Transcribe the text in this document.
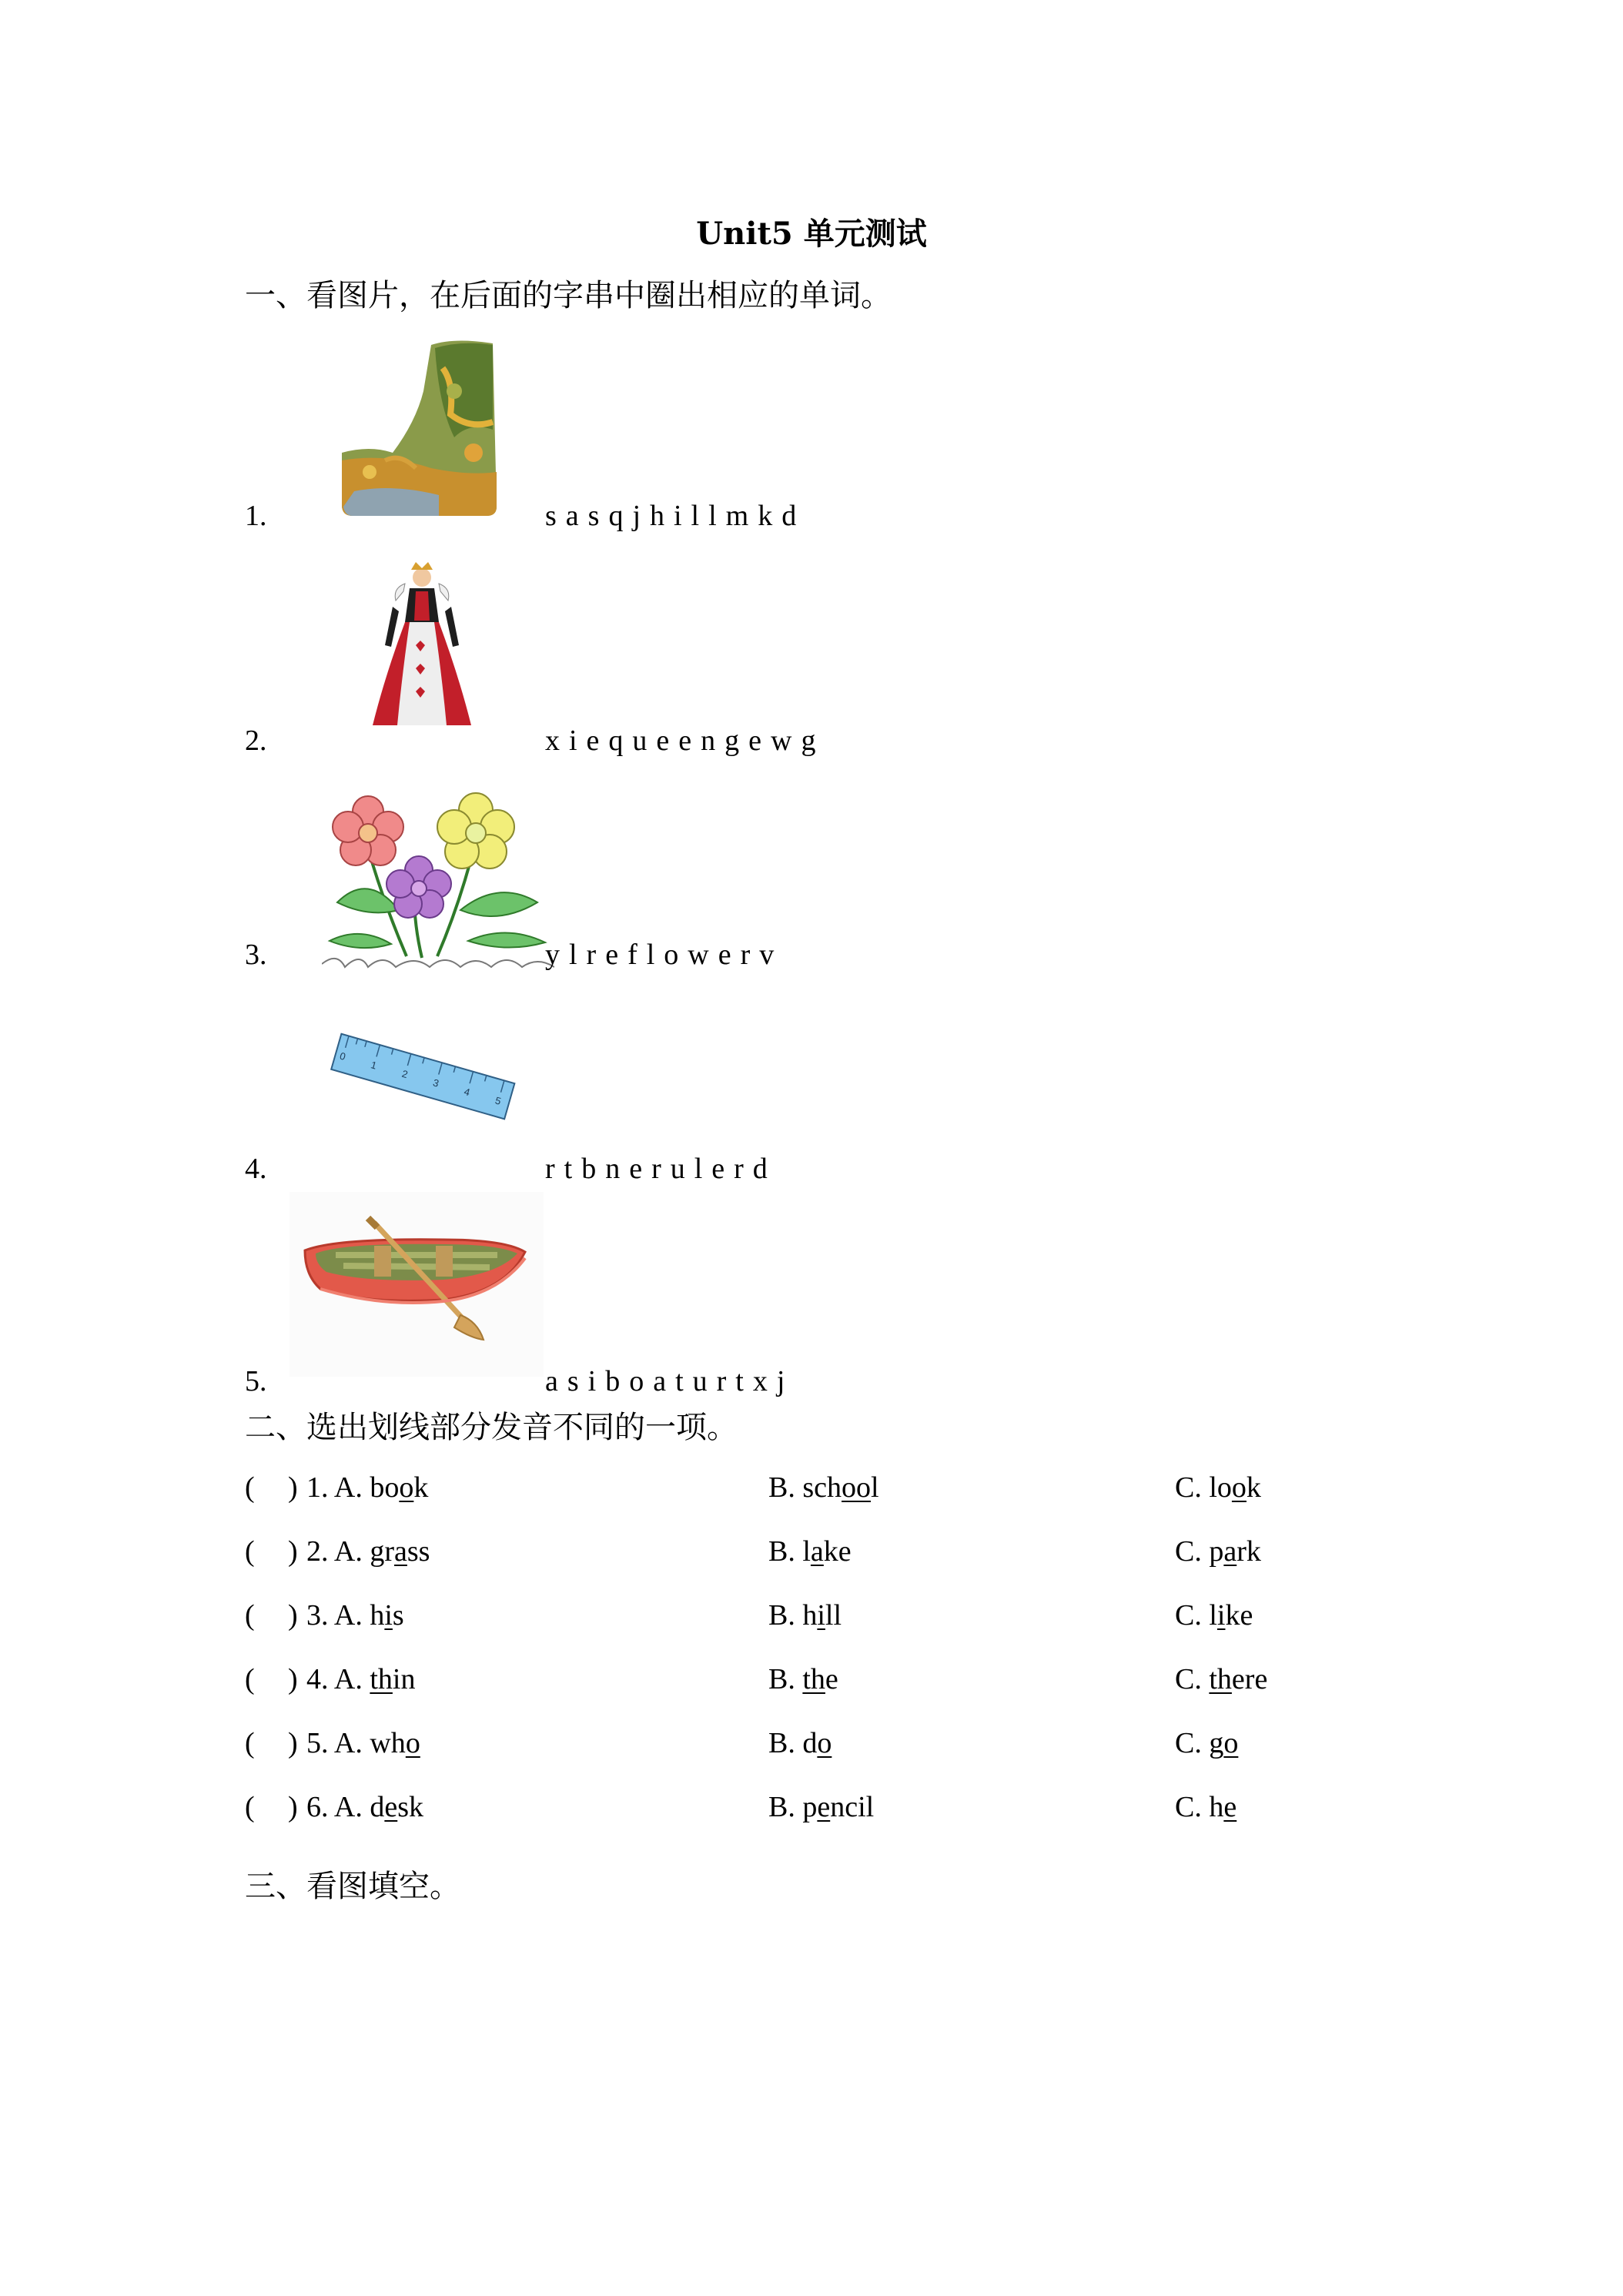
Unit5 单元测试
一、看图片，在后面的字串中圈出相应的单词。
1.	sasqjhillmkd
2.	xiequeengewg
3.	ylreflowerv
0
1
2
3
4
5
4.	rtbnerulerd
5.	asiboaturtxj
二、选出划线部分发音不同的一项。
( ) 1. A. book	B. school	C. look
( ) 2. A. grass	B. lake	C. park
( ) 3. A. his	B. hill	C. like
( ) 4. A. thin	B. the	C. there
( ) 5. A. who	B. do	C. go
( ) 6. A. desk	B. pencil	C. he
三、看图填空。
